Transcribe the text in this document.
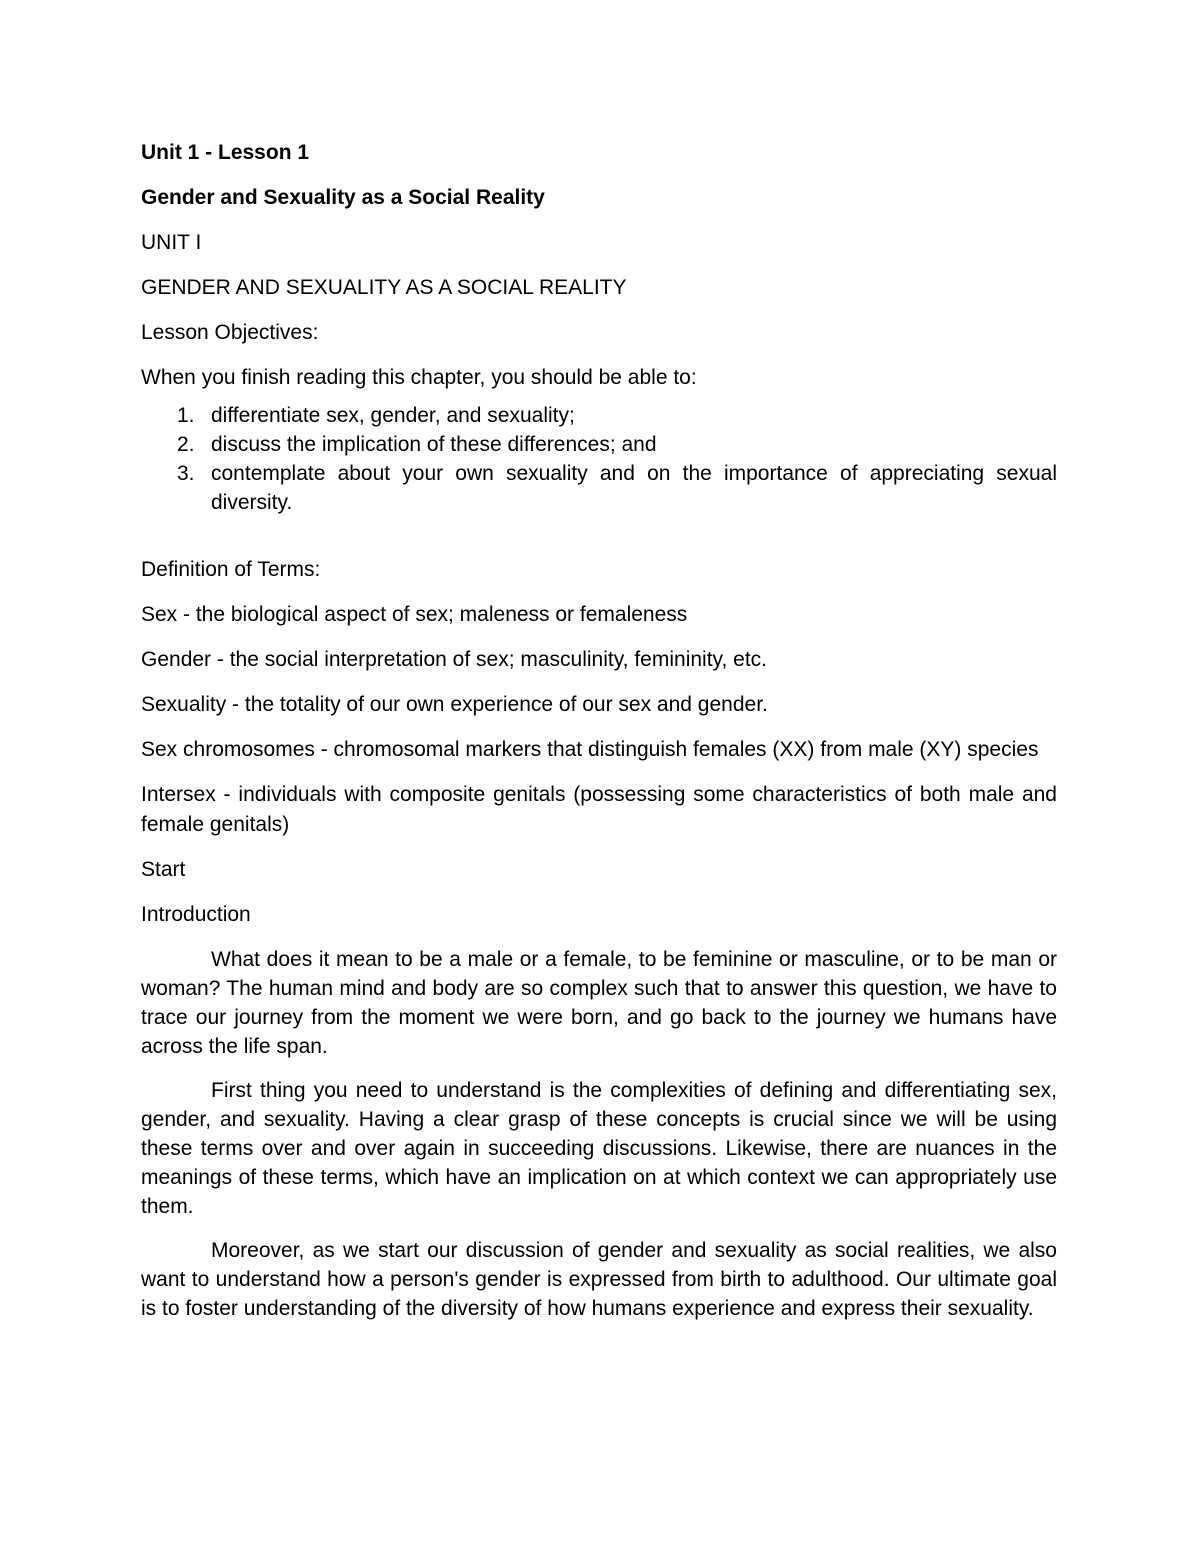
Unit 1 - Lesson 1

Gender and Sexuality as a Social Reality

UNIT I

GENDER AND SEXUALITY AS A SOCIAL REALITY

Lesson Objectives:

When you finish reading this chapter, you should be able to:

1. differentiate sex, gender, and sexuality;
2. discuss the implication of these differences; and
3. contemplate about your own sexuality and on the importance of appreciating sexual diversity.

Definition of Terms:

Sex - the biological aspect of sex; maleness or femaleness

Gender - the social interpretation of sex; masculinity, femininity, etc.

Sexuality - the totality of our own experience of our sex and gender.

Sex chromosomes - chromosomal markers that distinguish females (XX) from male (XY) species

Intersex - individuals with composite genitals (possessing some characteristics of both male and female genitals)

Start

Introduction

What does it mean to be a male or a female, to be feminine or masculine, or to be man or woman? The human mind and body are so complex such that to answer this question, we have to trace our journey from the moment we were born, and go back to the journey we humans have across the life span.

First thing you need to understand is the complexities of defining and differentiating sex, gender, and sexuality. Having a clear grasp of these concepts is crucial since we will be using these terms over and over again in succeeding discussions. Likewise, there are nuances in the meanings of these terms, which have an implication on at which context we can appropriately use them.

Moreover, as we start our discussion of gender and sexuality as social realities, we also want to understand how a person's gender is expressed from birth to adulthood. Our ultimate goal is to foster understanding of the diversity of how humans experience and express their sexuality.
